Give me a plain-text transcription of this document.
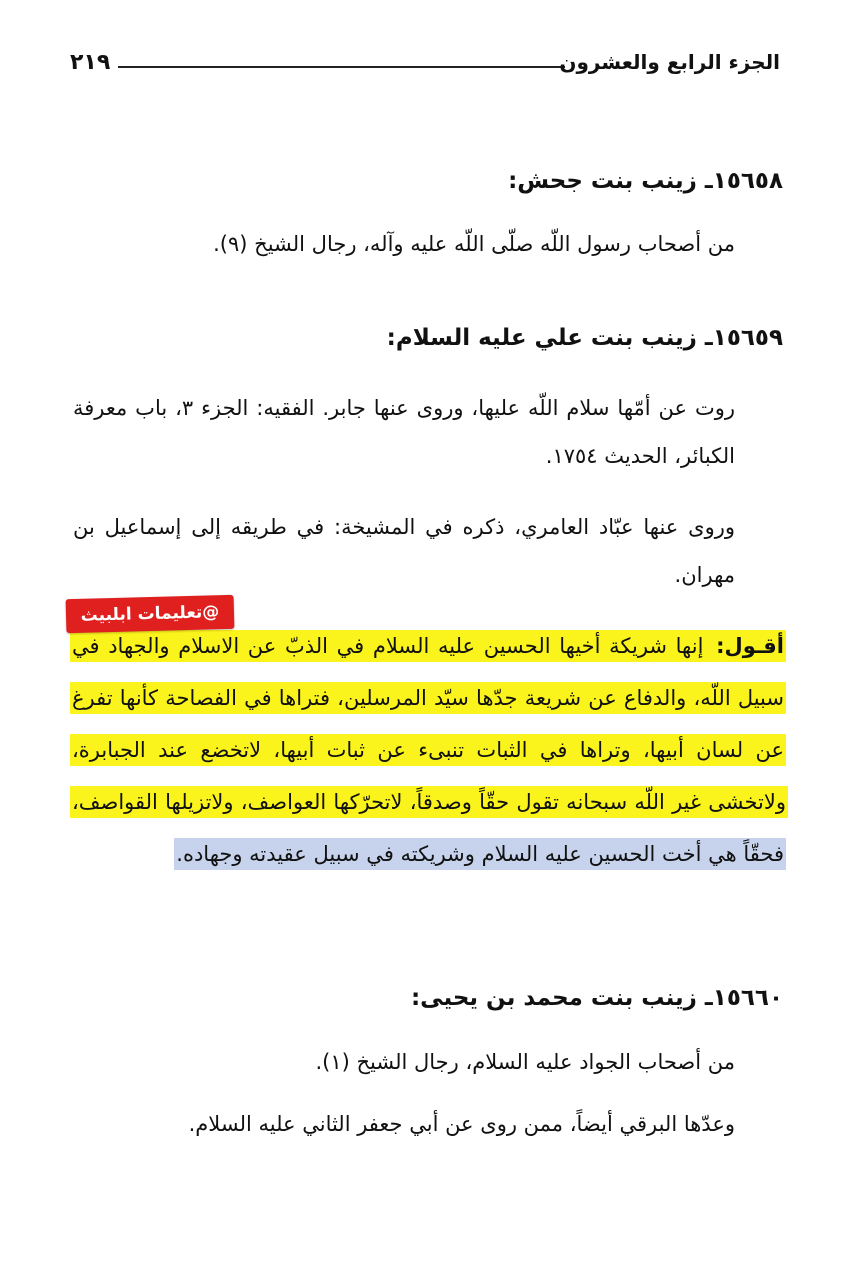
٢١٩	الجزء الرابع والعشرون
١٥٦٥٨ـ زينب بنت جحش:
من أصحاب رسول اللّه صلّى اللّه عليه وآله، رجال الشيخ (٩).
١٥٦٥٩ـ زينب بنت علي عليه السلام:
روت عن أمّها سلام اللّه عليها، وروى عنها جابر. الفقيه: الجزء ٣، باب معرفة الكبائر، الحديث ١٧٥٤.
وروى عنها عبّاد العامري، ذكره في المشيخة: في طريقه إلى إسماعيل بن مهران.
أقـول: إنها شريكة أخيها الحسين عليه السلام في الذبّ عن الاسلام والجهاد في سبيل اللّه، والدفاع عن شريعة جدّها سيّد المرسلين، فتراها في الفصاحة كأنها تفرغ عن لسان أبيها، وتراها في الثبات تنبىء عن ثبات أبيها، لاتخضع عند الجبابرة، ولاتخشى غير اللّه سبحانه تقول حقّاً وصدقاً، لاتحرّكها العواصف، ولاتزيلها القواصف، فحقّاً هي أخت الحسين عليه السلام وشريكته في سبيل عقيدته وجهاده.
@تعليمات ابلبيث
١٥٦٦٠ـ زينب بنت محمد بن يحيى:
من أصحاب الجواد عليه السلام، رجال الشيخ (١).
وعدّها البرقي أيضاً، ممن روى عن أبي جعفر الثاني عليه السلام.
